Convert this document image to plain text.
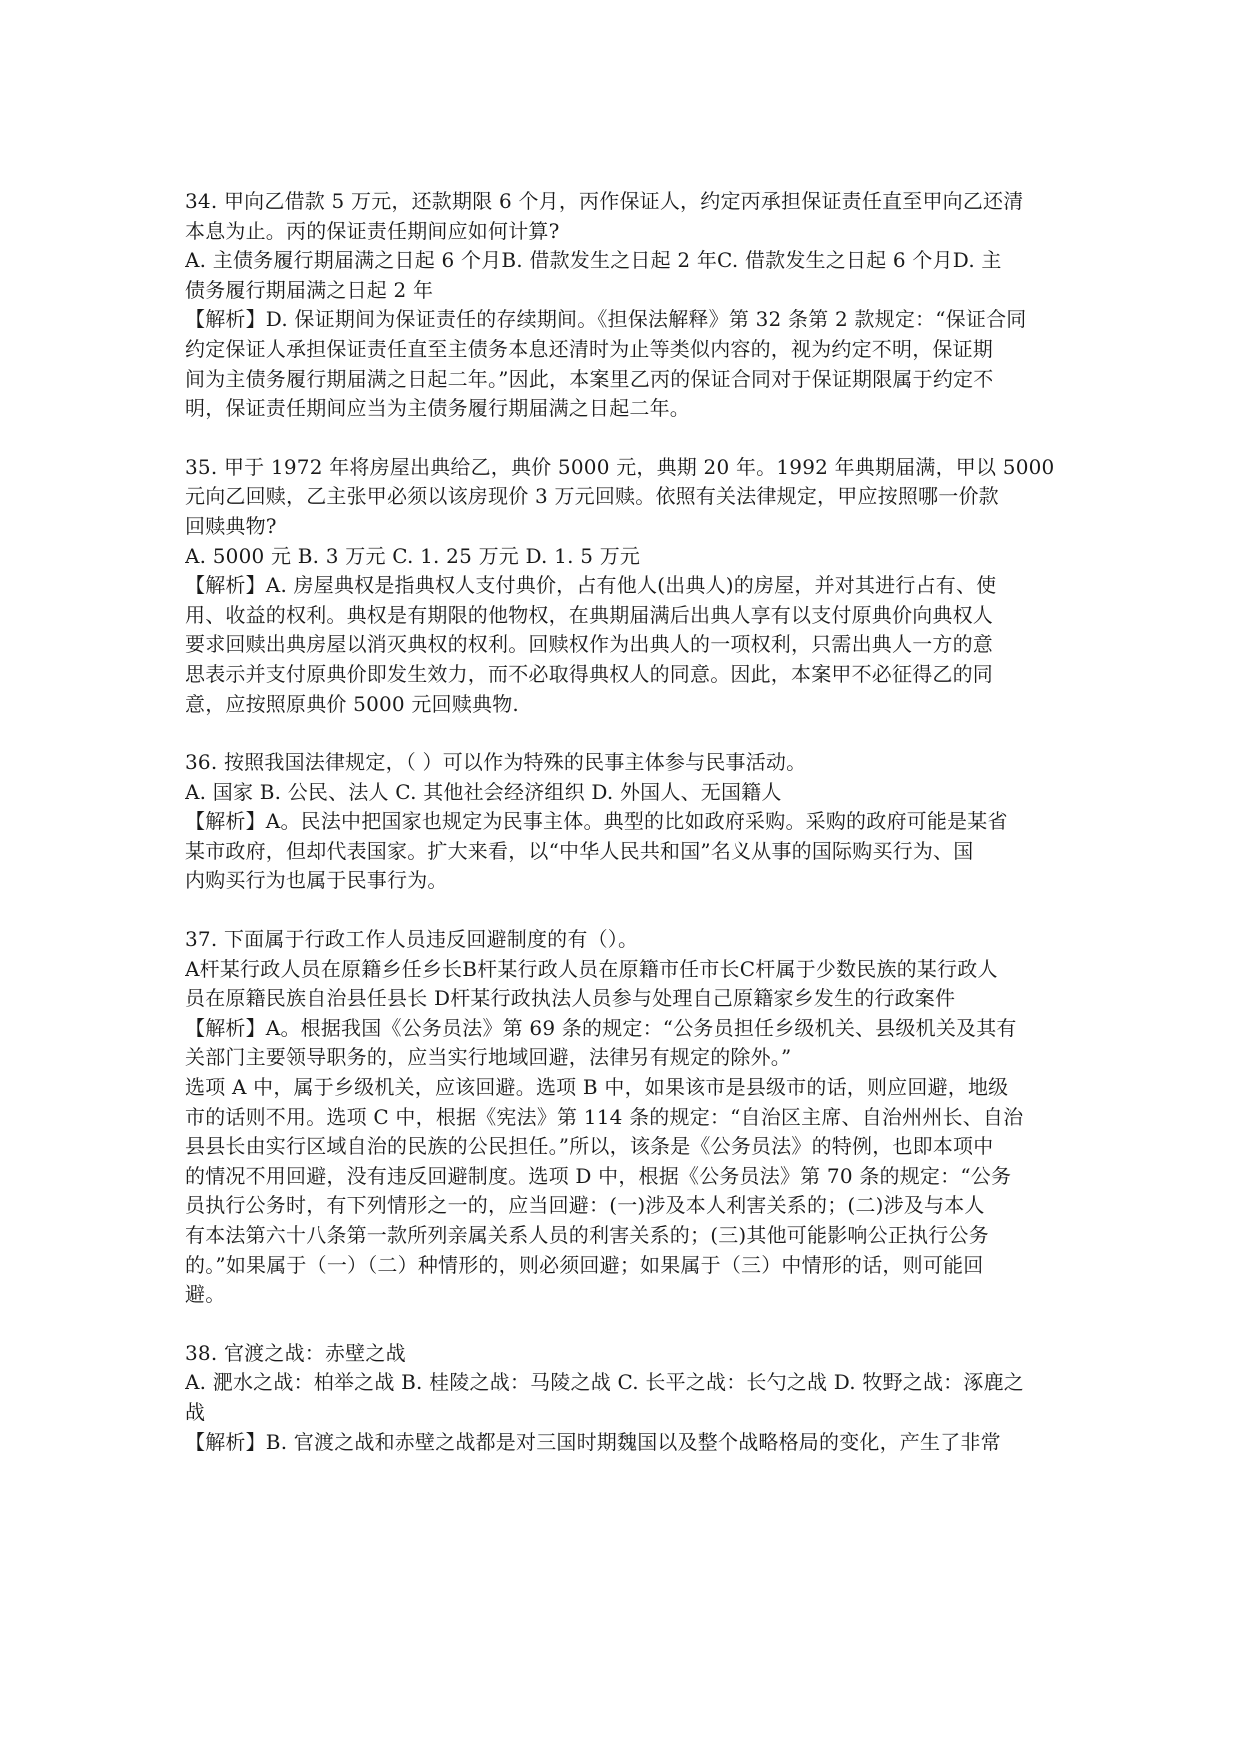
34. 甲向乙借款 5 万元，还款期限 6 个月，丙作保证人，约定丙承担保证责任直至甲向乙还清

本息为止。丙的保证责任期间应如何计算?

A. 主债务履行期届满之日起 6 个月B. 借款发生之日起 2 年C. 借款发生之日起 6 个月D. 主

债务履行期届满之日起 2 年

【解析】D. 保证期间为保证责任的存续期间。《担保法解释》第 32 条第 2 款规定：“保证合同

约定保证人承担保证责任直至主债务本息还清时为止等类似内容的，视为约定不明，保证期

间为主债务履行期届满之日起二年。”因此，本案里乙丙的保证合同对于保证期限属于约定不

明，保证责任期间应当为主债务履行期届满之日起二年。

35. 甲于 1972 年将房屋出典给乙，典价 5000 元，典期 20 年。1992 年典期届满，甲以 5000

元向乙回赎，乙主张甲必须以该房现价 3 万元回赎。依照有关法律规定，甲应按照哪一价款

回赎典物?

A. 5000 元 B. 3 万元 C. 1. 25 万元 D. 1. 5 万元

【解析】A. 房屋典权是指典权人支付典价，占有他人(出典人)的房屋，并对其进行占有、使

用、收益的权利。典权是有期限的他物权，在典期届满后出典人享有以支付原典价向典权人

要求回赎出典房屋以消灭典权的权利。回赎权作为出典人的一项权利，只需出典人一方的意

思表示并支付原典价即发生效力，而不必取得典权人的同意。因此，本案甲不必征得乙的同

意，应按照原典价 5000 元回赎典物.

36. 按照我国法律规定，（ ）可以作为特殊的民事主体参与民事活动。

A. 国家 B. 公民、法人 C. 其他社会经济组织 D. 外国人、无国籍人

【解析】A。民法中把国家也规定为民事主体。典型的比如政府采购。采购的政府可能是某省

某市政府，但却代表国家。扩大来看，以“中华人民共和国”名义从事的国际购买行为、国

内购买行为也属于民事行为。

37. 下面属于行政工作人员违反回避制度的有（）。

A杆某行政人员在原籍乡任乡长B杆某行政人员在原籍市任市长C杆属于少数民族的某行政人

员在原籍民族自治县任县长 D杆某行政执法人员参与处理自己原籍家乡发生的行政案件

【解析】A。根据我国《公务员法》第 69 条的规定：“公务员担任乡级机关、县级机关及其有

关部门主要领导职务的，应当实行地域回避，法律另有规定的除外。”

选项 A 中，属于乡级机关，应该回避。选项 B 中，如果该市是县级市的话，则应回避，地级

市的话则不用。选项 C 中，根据《宪法》第 114 条的规定：“自治区主席、自治州州长、自治

县县长由实行区域自治的民族的公民担任。”所以，该条是《公务员法》的特例，也即本项中

的情况不用回避，没有违反回避制度。选项 D 中，根据《公务员法》第 70 条的规定：“公务

员执行公务时，有下列情形之一的，应当回避：(一)涉及本人利害关系的；(二)涉及与本人

有本法第六十八条第一款所列亲属关系人员的利害关系的；(三)其他可能影响公正执行公务

的。”如果属于（一）（二）种情形的，则必须回避；如果属于（三）中情形的话，则可能回

避。

38. 官渡之战：赤壁之战

A. 淝水之战：柏举之战 B. 桂陵之战：马陵之战 C. 长平之战：长勺之战 D. 牧野之战：涿鹿之

战

【解析】B. 官渡之战和赤壁之战都是对三国时期魏国以及整个战略格局的变化，产生了非常
